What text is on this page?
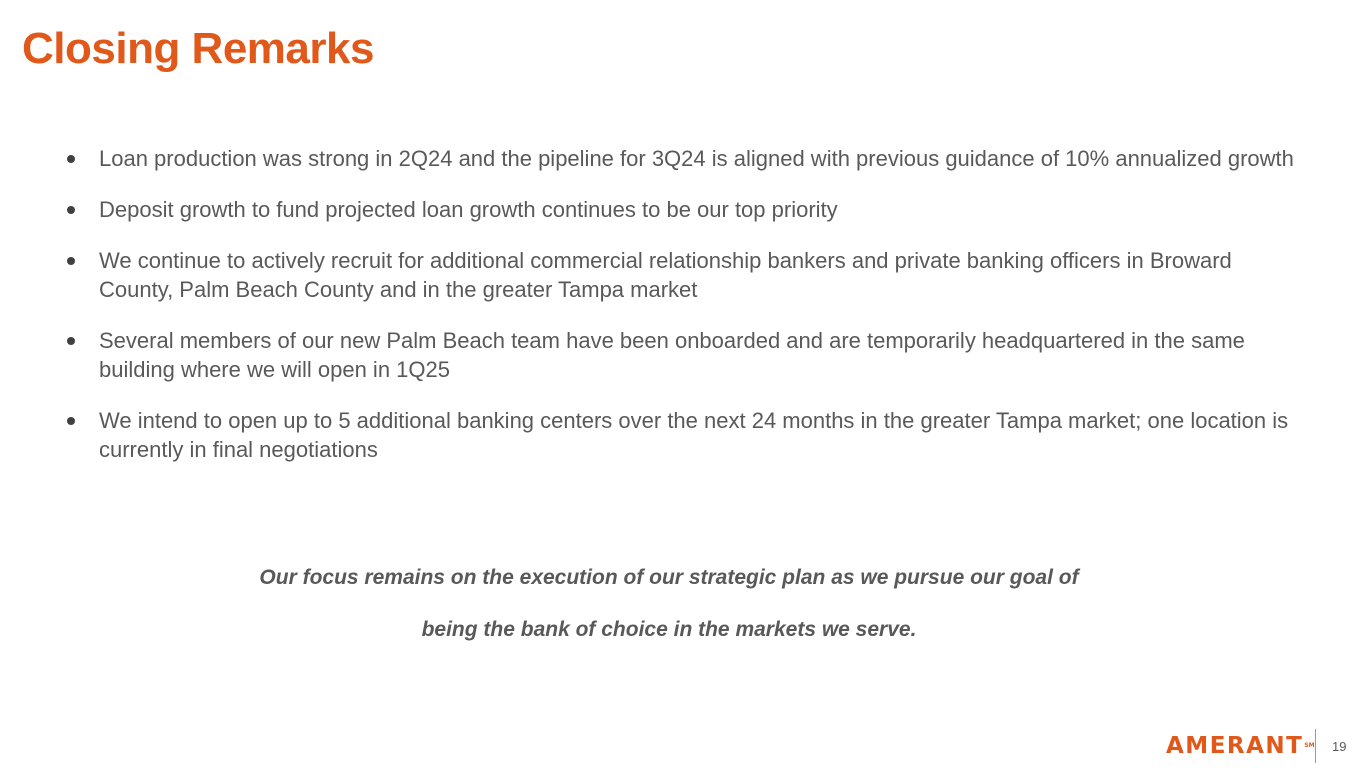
Closing Remarks
Loan production was strong in 2Q24 and the pipeline for 3Q24 is aligned with previous guidance of 10% annualized growth
Deposit growth to fund projected loan growth continues to be our top priority
We continue to actively recruit for additional commercial relationship bankers and private banking officers in Broward County, Palm Beach County and in the greater Tampa market
Several members of our new Palm Beach team have been onboarded and are temporarily headquartered in the same building where we will open in 1Q25
We intend to open up to 5 additional banking centers over the next 24 months in the greater Tampa market; one location is currently in final negotiations

Our focus remains on the execution of our strategic plan as we pursue our goal of

being the bank of choice in the markets we serve.

AMERANT℠ 19
